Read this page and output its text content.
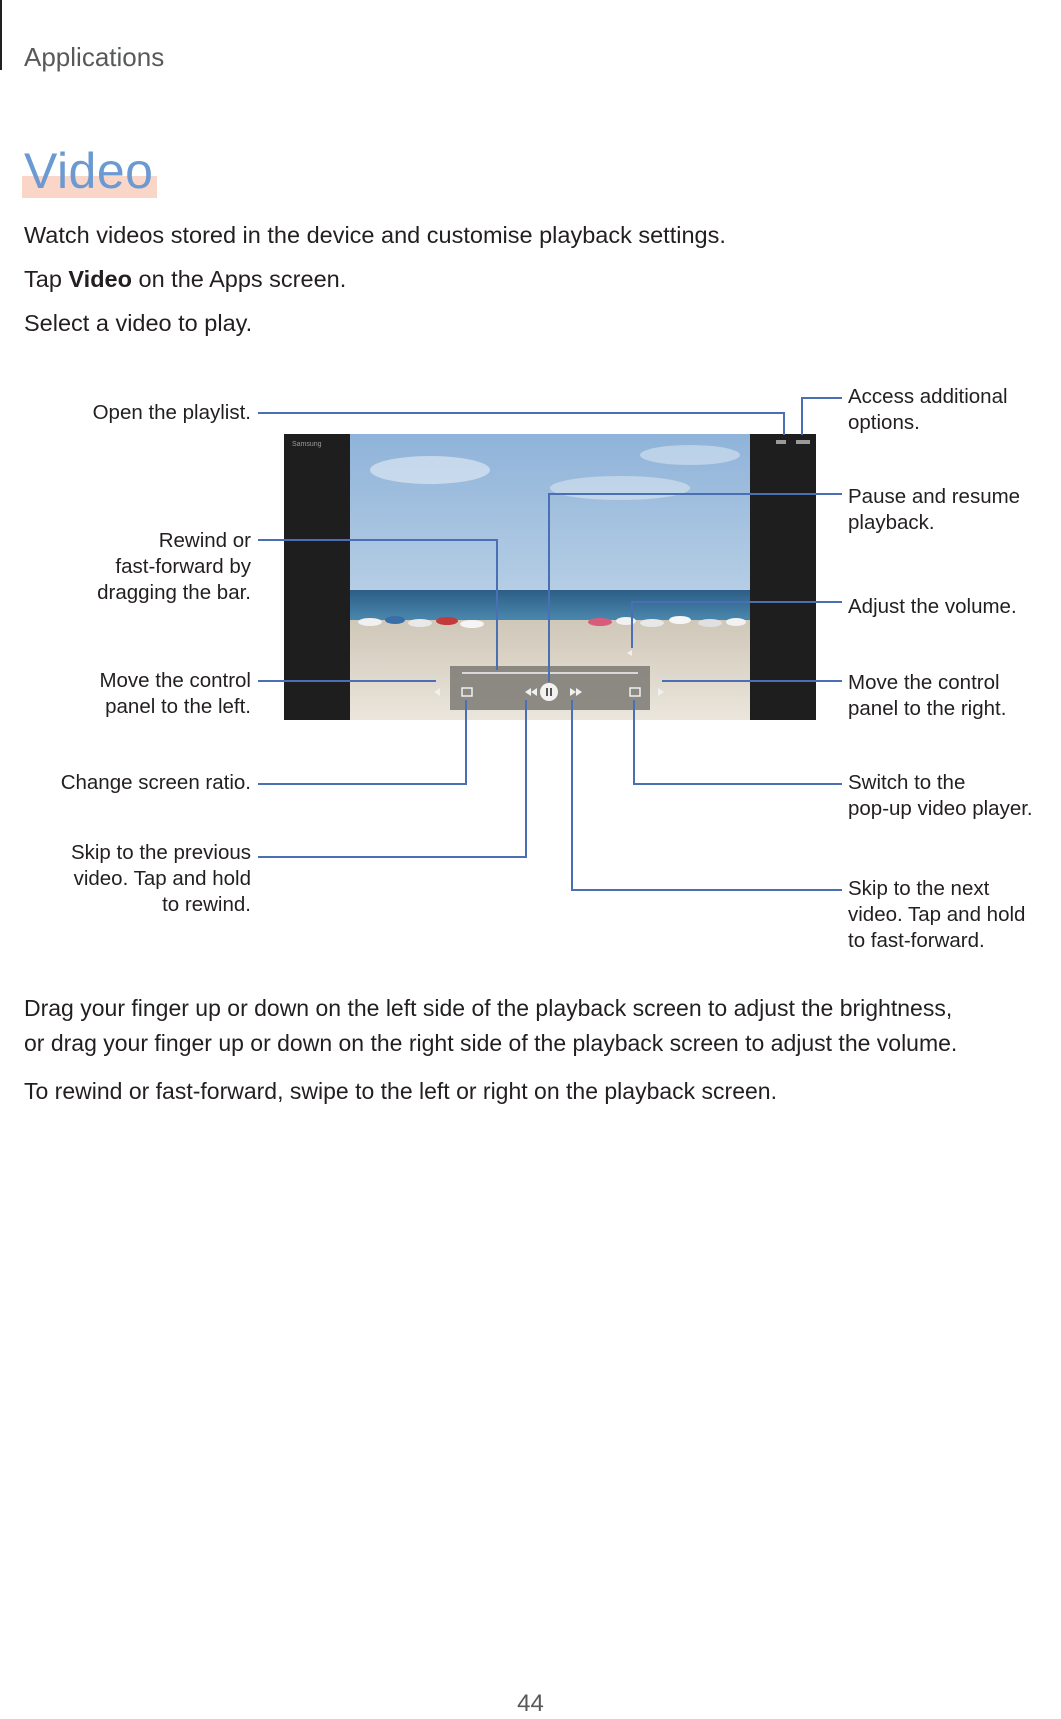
Applications
Video
Watch videos stored in the device and customise playback settings.
Tap Video on the Apps screen.
Select a video to play.
Samsung
Open the playlist.
Rewind or
fast-forward by
dragging the bar.
Move the control
panel to the left.
Change screen ratio.
Skip to the previous
video. Tap and hold
to rewind.
Access additional
options.
Pause and resume
playback.
Adjust the volume.
Move the control
panel to the right.
Switch to the
pop-up video player.
Skip to the next
video. Tap and hold
to fast-forward.
Drag your finger up or down on the left side of the playback screen to adjust the brightness,
or drag your finger up or down on the right side of the playback screen to adjust the volume.
To rewind or fast-forward, swipe to the left or right on the playback screen.
44
